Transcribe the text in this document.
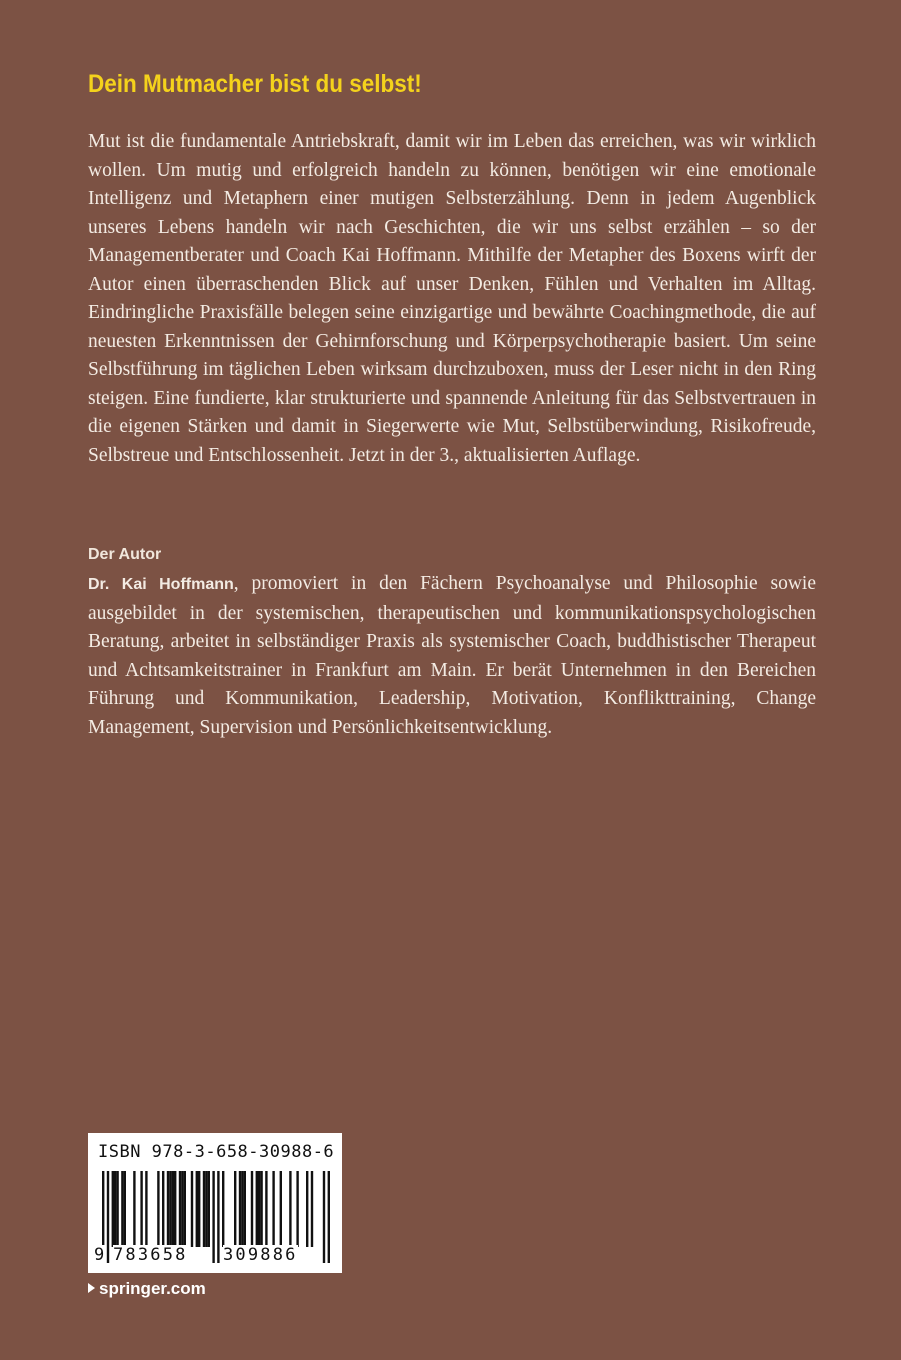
Dein Mutmacher bist du selbst!

Mut ist die fundamentale Antriebskraft, damit wir im Leben das erreichen, was wir wirklich wollen. Um mutig und erfolgreich handeln zu können, benötigen wir eine emotionale Intelligenz und Metaphern einer mutigen Selbsterzählung. Denn in jedem Augenblick unseres Lebens handeln wir nach Geschichten, die wir uns selbst erzählen – so der Managementberater und Coach Kai Hoffmann. Mithilfe der Metapher des Boxens wirft der Autor einen überraschenden Blick auf unser Denken, Fühlen und Verhalten im Alltag. Eindringliche Praxisfälle belegen seine einzigartige und bewährte Coachingmethode, die auf neuesten Erkenntnissen der Gehirnforschung und Körperpsychotherapie basiert. Um seine Selbstführung im täglichen Leben wirksam durchzuboxen, muss der Leser nicht in den Ring steigen. Eine fundierte, klar strukturierte und spannende Anleitung für das Selbstvertrauen in die eigenen Stärken und damit in Siegerwerte wie Mut, Selbstüberwindung, Risikofreude, Selbstreue und Entschlossenheit. Jetzt in der 3., aktualisierten Auflage.

Der Autor

Dr. Kai Hoffmann, promoviert in den Fächern Psychoanalyse und Philosophie sowie ausgebildet in der systemischen, therapeutischen und kommunikationspsychologischen Beratung, arbeitet in selbständiger Praxis als systemischer Coach, buddhistischer Therapeut und Achtsamkeitstrainer in Frankfurt am Main. Er berät Unternehmen in den Bereichen Führung und Kommunikation, Leadership, Motivation, Konflikttraining, Change Management, Supervision und Persönlichkeitsentwicklung.

ISBN 978-3-658-30988-6
9 783658 309886
springer.com
